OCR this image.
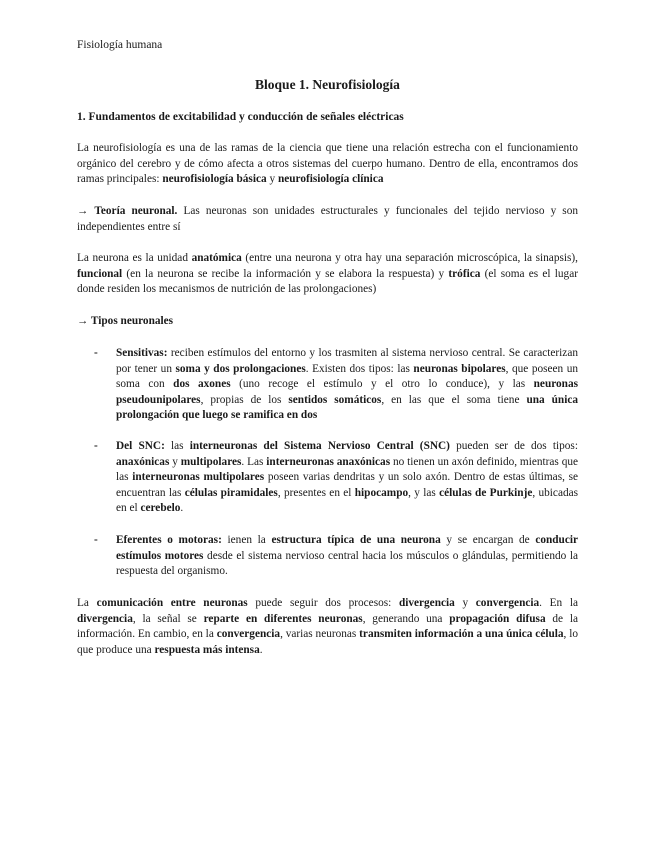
Fisiología humana
Bloque 1. Neurofisiología
1. Fundamentos de excitabilidad y conducción de señales eléctricas
La neurofisiología es una de las ramas de la ciencia que tiene una relación estrecha con el funcionamiento orgánico del cerebro y de cómo afecta a otros sistemas del cuerpo humano. Dentro de ella, encontramos dos ramas principales: neurofisiología básica y neurofisiología clínica
→ Teoría neuronal. Las neuronas son unidades estructurales y funcionales del tejido nervioso y son independientes entre sí
La neurona es la unidad anatómica (entre una neurona y otra hay una separación microscópica, la sinapsis), funcional (en la neurona se recibe la información y se elabora la respuesta) y trófica (el soma es el lugar donde residen los mecanismos de nutrición de las prolongaciones)
→ Tipos neuronales
- Sensitivas: reciben estímulos del entorno y los trasmiten al sistema nervioso central. Se caracterizan por tener un soma y dos prolongaciones. Existen dos tipos: las neuronas bipolares, que poseen un soma con dos axones (uno recoge el estímulo y el otro lo conduce), y las neuronas pseudounipolares, propias de los sentidos somáticos, en las que el soma tiene una única prolongación que luego se ramifica en dos
- Del SNC: las interneuronas del Sistema Nervioso Central (SNC) pueden ser de dos tipos: anaxónicas y multipolares. Las interneuronas anaxónicas no tienen un axón definido, mientras que las interneuronas multipolares poseen varias dendritas y un solo axón. Dentro de estas últimas, se encuentran las células piramidales, presentes en el hipocampo, y las células de Purkinje, ubicadas en el cerebelo.
- Eferentes o motoras: ienen la estructura típica de una neurona y se encargan de conducir estímulos motores desde el sistema nervioso central hacia los músculos o glándulas, permitiendo la respuesta del organismo.
La comunicación entre neuronas puede seguir dos procesos: divergencia y convergencia. En la divergencia, la señal se reparte en diferentes neuronas, generando una propagación difusa de la información. En cambio, en la convergencia, varias neuronas transmiten información a una única célula, lo que produce una respuesta más intensa.
